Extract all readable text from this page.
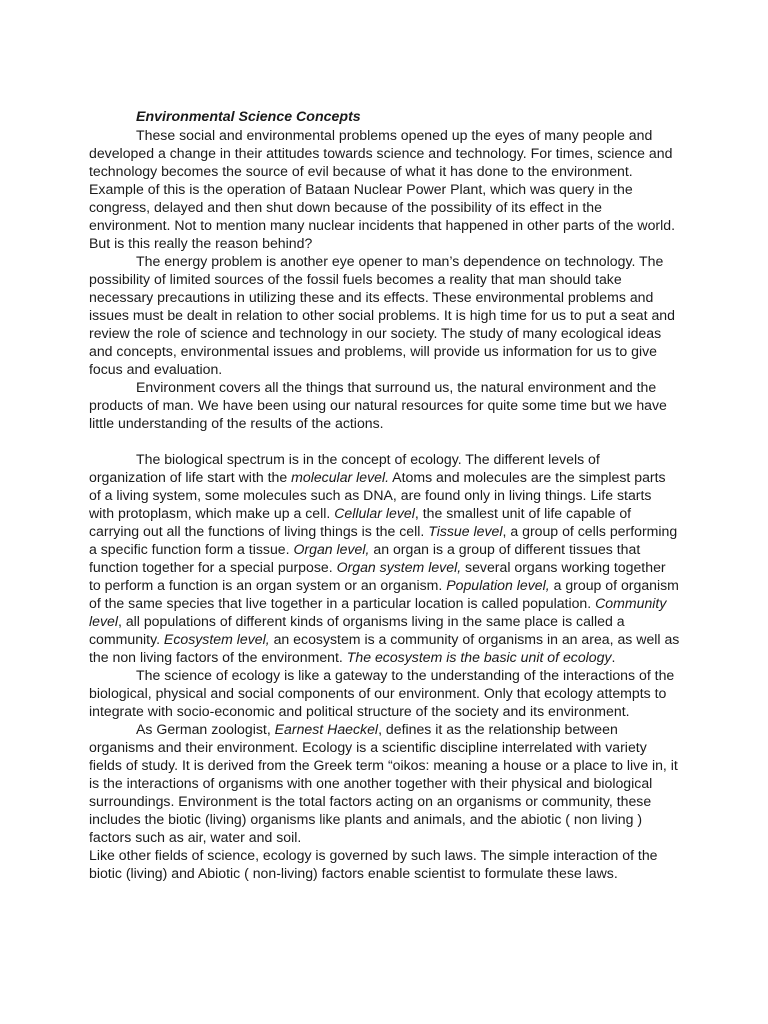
Environmental Science Concepts

These social and environmental problems opened up the eyes of many people and developed a change in their attitudes towards science and technology. For times, science and technology becomes the source of evil because of what it has done to the environment. Example of this is the operation of Bataan Nuclear Power Plant, which was query in the congress, delayed and then shut down because of the possibility of its effect in the environment. Not to mention many nuclear incidents that happened in other parts of the world. But is this really the reason behind?

The energy problem is another eye opener to man’s dependence on technology. The possibility of limited sources of the fossil fuels becomes a reality that man should take necessary precautions in utilizing these and its effects. These environmental problems and issues must be dealt in relation to other social problems. It is high time for us to put a seat and review the role of science and technology in our society. The study of many ecological ideas and concepts, environmental issues and problems, will provide us information for us to give focus and evaluation.

Environment covers all the things that surround us, the natural environment and the products of man. We have been using our natural resources for quite some time but we have little understanding of the results of the actions.

The biological spectrum is in the concept of ecology. The different levels of organization of life start with the molecular level. Atoms and molecules are the simplest parts of a living system, some molecules such as DNA, are found only in living things. Life starts with protoplasm, which make up a cell. Cellular level, the smallest unit of life capable of carrying out all the functions of living things is the cell. Tissue level, a group of cells performing a specific function form a tissue. Organ level, an organ is a group of different tissues that function together for a special purpose. Organ system level, several organs working together to perform a function is an organ system or an organism. Population level, a group of organism of the same species that live together in a particular location is called population. Community level, all populations of different kinds of organisms living in the same place is called a community. Ecosystem level, an ecosystem is a community of organisms in an area, as well as the non living factors of the environment. The ecosystem is the basic unit of ecology.

The science of ecology is like a gateway to the understanding of the interactions of the biological, physical and social components of our environment. Only that ecology attempts to integrate with socio-economic and political structure of the society and its environment.

As German zoologist, Earnest Haeckel, defines it as the relationship between organisms and their environment. Ecology is a scientific discipline interrelated with variety fields of study. It is derived from the Greek term “oikos: meaning a house or a place to live in, it is the interactions of organisms with one another together with their physical and biological surroundings. Environment is the total factors acting on an organisms or community, these includes the biotic (living) organisms like plants and animals, and the abiotic ( non living ) factors such as air, water and soil.

Like other fields of science, ecology is governed by such laws. The simple interaction of the biotic (living) and Abiotic ( non-living) factors enable scientist to formulate these laws.
